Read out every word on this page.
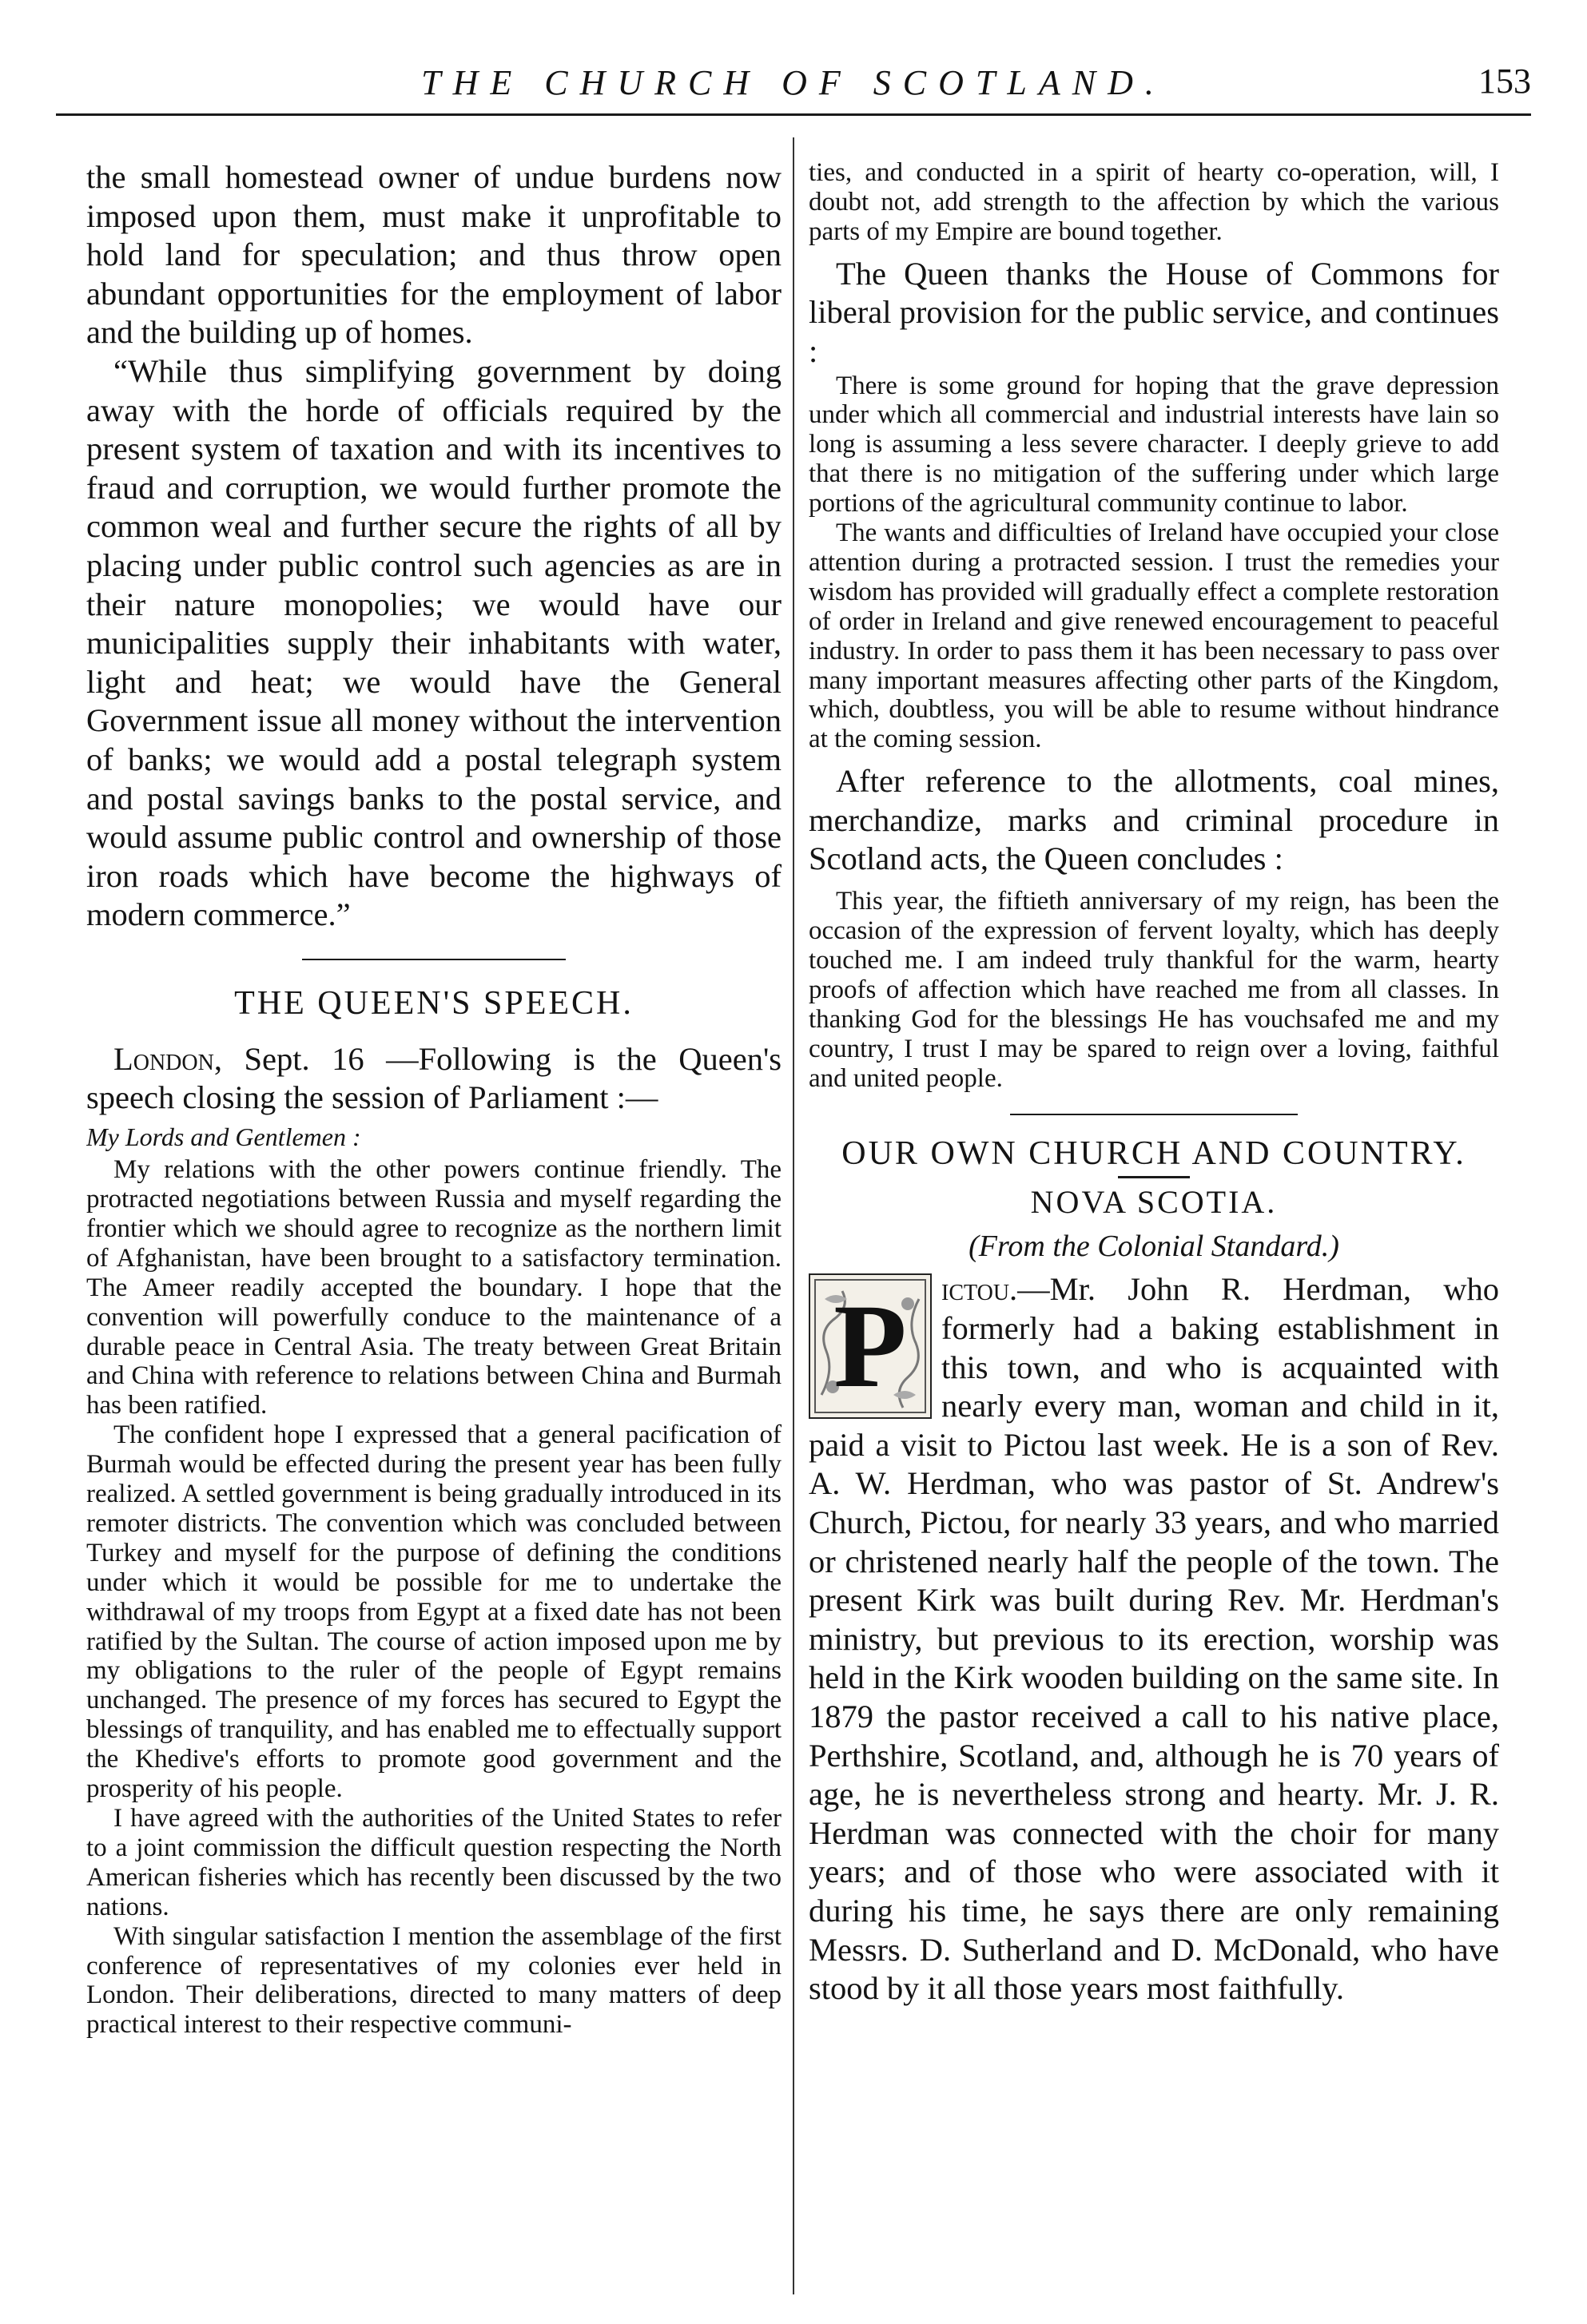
THE CHURCH OF SCOTLAND.	153

the small homestead owner of undue burdens now imposed upon them, must make it unprofitable to hold land for speculation; and thus throw open abundant opportunities for the employment of labor and the building up of homes.

“While thus simplifying government by doing away with the horde of officials required by the present system of taxation and with its incentives to fraud and corruption, we would further promote the common weal and further secure the rights of all by placing under public control such agencies as are in their nature monopolies; we would have our municipalities supply their inhabitants with water, light and heat; we would have the General Government issue all money without the intervention of banks; we would add a postal telegraph system and postal savings banks to the postal service, and would assume public control and ownership of those iron roads which have become the highways of modern commerce.”

THE QUEEN'S SPEECH.

London, Sept. 16 —Following is the Queen's speech closing the session of Parliament :—

My Lords and Gentlemen :

My relations with the other powers continue friendly. The protracted negotiations between Russia and myself regarding the frontier which we should agree to recognize as the northern limit of Afghanistan, have been brought to a satisfactory termination. The Ameer readily accepted the boundary. I hope that the convention will powerfully conduce to the maintenance of a durable peace in Central Asia. The treaty between Great Britain and China with reference to relations between China and Burmah has been ratified.

The confident hope I expressed that a general pacification of Burmah would be effected during the present year has been fully realized. A settled government is being gradually introduced in its remoter districts. The convention which was concluded between Turkey and myself for the purpose of defining the conditions under which it would be possible for me to undertake the withdrawal of my troops from Egypt at a fixed date has not been ratified by the Sultan. The course of action imposed upon me by my obligations to the ruler of the people of Egypt remains unchanged. The presence of my forces has secured to Egypt the blessings of tranquility, and has enabled me to effectually support the Khedive's efforts to promote good government and the prosperity of his people.

I have agreed with the authorities of the United States to refer to a joint commission the difficult question respecting the North American fisheries which has recently been discussed by the two nations.

With singular satisfaction I mention the assemblage of the first conference of representatives of my colonies ever held in London. Their deliberations, directed to many matters of deep practical interest to their respective communi-

ties, and conducted in a spirit of hearty co-operation, will, I doubt not, add strength to the affection by which the various parts of my Empire are bound together.

The Queen thanks the House of Commons for liberal provision for the public service, and continues :

There is some ground for hoping that the grave depression under which all commercial and industrial interests have lain so long is assuming a less severe character. I deeply grieve to add that there is no mitigation of the suffering under which large portions of the agricultural community continue to labor.

The wants and difficulties of Ireland have occupied your close attention during a protracted session. I trust the remedies your wisdom has provided will gradually effect a complete restoration of order in Ireland and give renewed encouragement to peaceful industry. In order to pass them it has been necessary to pass over many important measures affecting other parts of the Kingdom, which, doubtless, you will be able to resume without hindrance at the coming session.

After reference to the allotments, coal mines, merchandize, marks and criminal procedure in Scotland acts, the Queen concludes :

This year, the fiftieth anniversary of my reign, has been the occasion of the expression of fervent loyalty, which has deeply touched me. I am indeed truly thankful for the warm, hearty proofs of affection which have reached me from all classes. In thanking God for the blessings He has vouchsafed me and my country, I trust I may be spared to reign over a loving, faithful and united people.

OUR OWN CHURCH AND COUNTRY.

NOVA SCOTIA.

(From the Colonial Standard.)

P	ictou.—Mr. John R. Herdman, who formerly had a baking establishment in this town, and who is acquainted with nearly every man, woman and child in it, paid a visit to Pictou last week. He is a son of Rev. A. W. Herdman, who was pastor of St. Andrew's Church, Pictou, for nearly 33 years, and who married or christened nearly half the people of the town. The present Kirk was built during Rev. Mr. Herdman's ministry, but previous to its erection, worship was held in the Kirk wooden building on the same site. In 1879 the pastor received a call to his native place, Perthshire, Scotland, and, although he is 70 years of age, he is nevertheless strong and hearty. Mr. J. R. Herdman was connected with the choir for many years; and of those who were associated with it during his time, he says there are only remaining Messrs. D. Sutherland and D. McDonald, who have stood by it all those years most faithfully.
